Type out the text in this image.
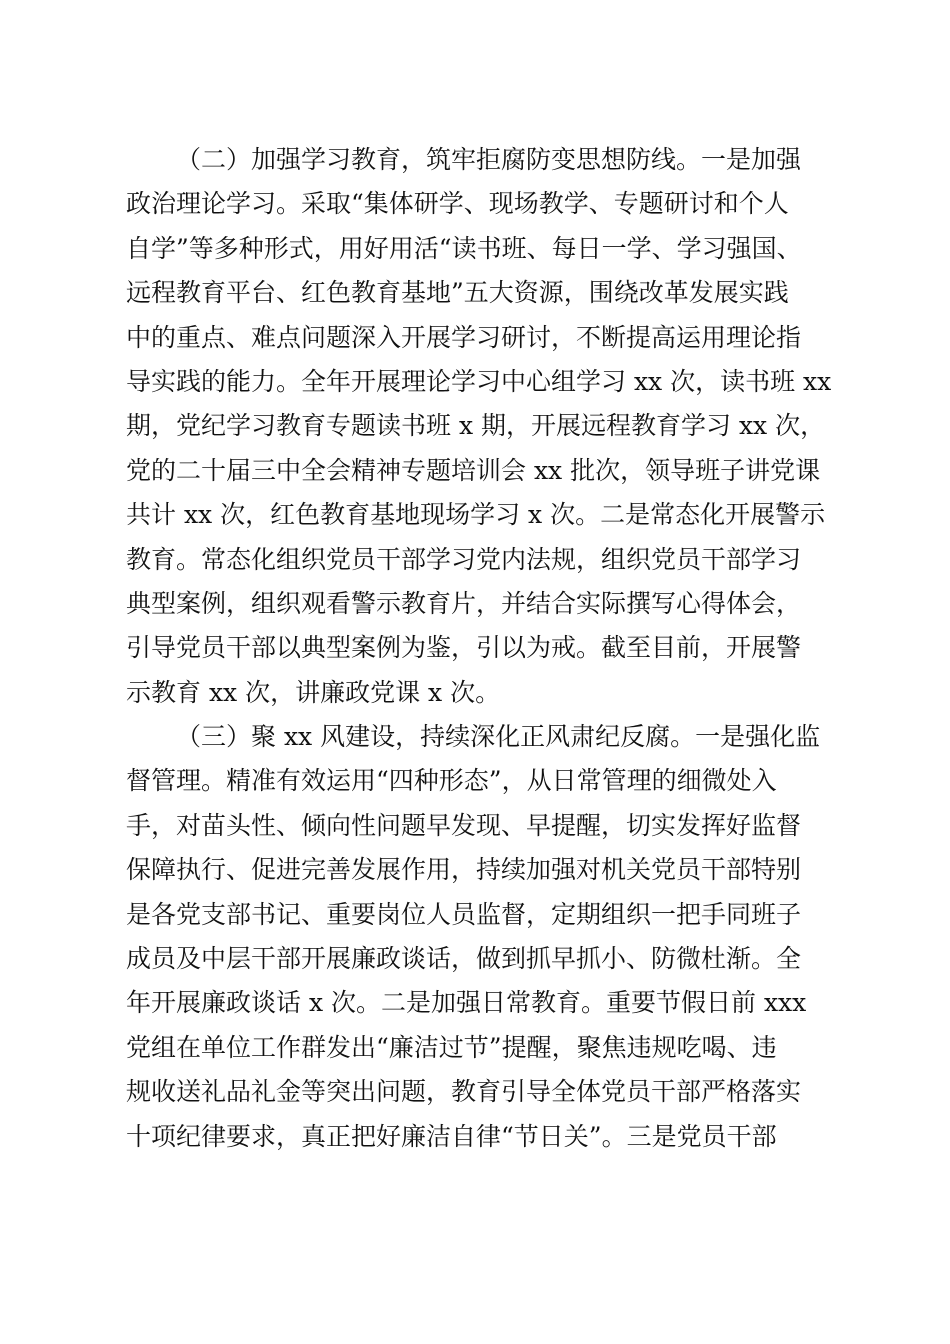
（二）加强学习教育，筑牢拒腐防变思想防线。一是加强
政治理论学习。采取“集体研学、现场教学、专题研讨和个人
自学”等多种形式，用好用活“读书班、每日一学、学习强国、
远程教育平台、红色教育基地”五大资源，围绕改革发展实践
中的重点、难点问题深入开展学习研讨，不断提高运用理论指
导实践的能力。全年开展理论学习中心组学习 xx 次，读书班 xx
期，党纪学习教育专题读书班 x 期，开展远程教育学习 xx 次，
党的二十届三中全会精神专题培训会 xx 批次，领导班子讲党课
共计 xx 次，红色教育基地现场学习 x 次。二是常态化开展警示
教育。常态化组织党员干部学习党内法规，组织党员干部学习
典型案例，组织观看警示教育片，并结合实际撰写心得体会，
引导党员干部以典型案例为鉴，引以为戒。截至目前，开展警
示教育 xx 次，讲廉政党课 x 次。
（三）聚 xx 风建设，持续深化正风肃纪反腐。一是强化监
督管理。精准有效运用“四种形态”，从日常管理的细微处入
手，对苗头性、倾向性问题早发现、早提醒，切实发挥好监督
保障执行、促进完善发展作用，持续加强对机关党员干部特别
是各党支部书记、重要岗位人员监督，定期组织一把手同班子
成员及中层干部开展廉政谈话，做到抓早抓小、防微杜渐。全
年开展廉政谈话 x 次。二是加强日常教育。重要节假日前 xxx
党组在单位工作群发出“廉洁过节”提醒，聚焦违规吃喝、违
规收送礼品礼金等突出问题，教育引导全体党员干部严格落实
十项纪律要求，真正把好廉洁自律“节日关”。三是党员干部
